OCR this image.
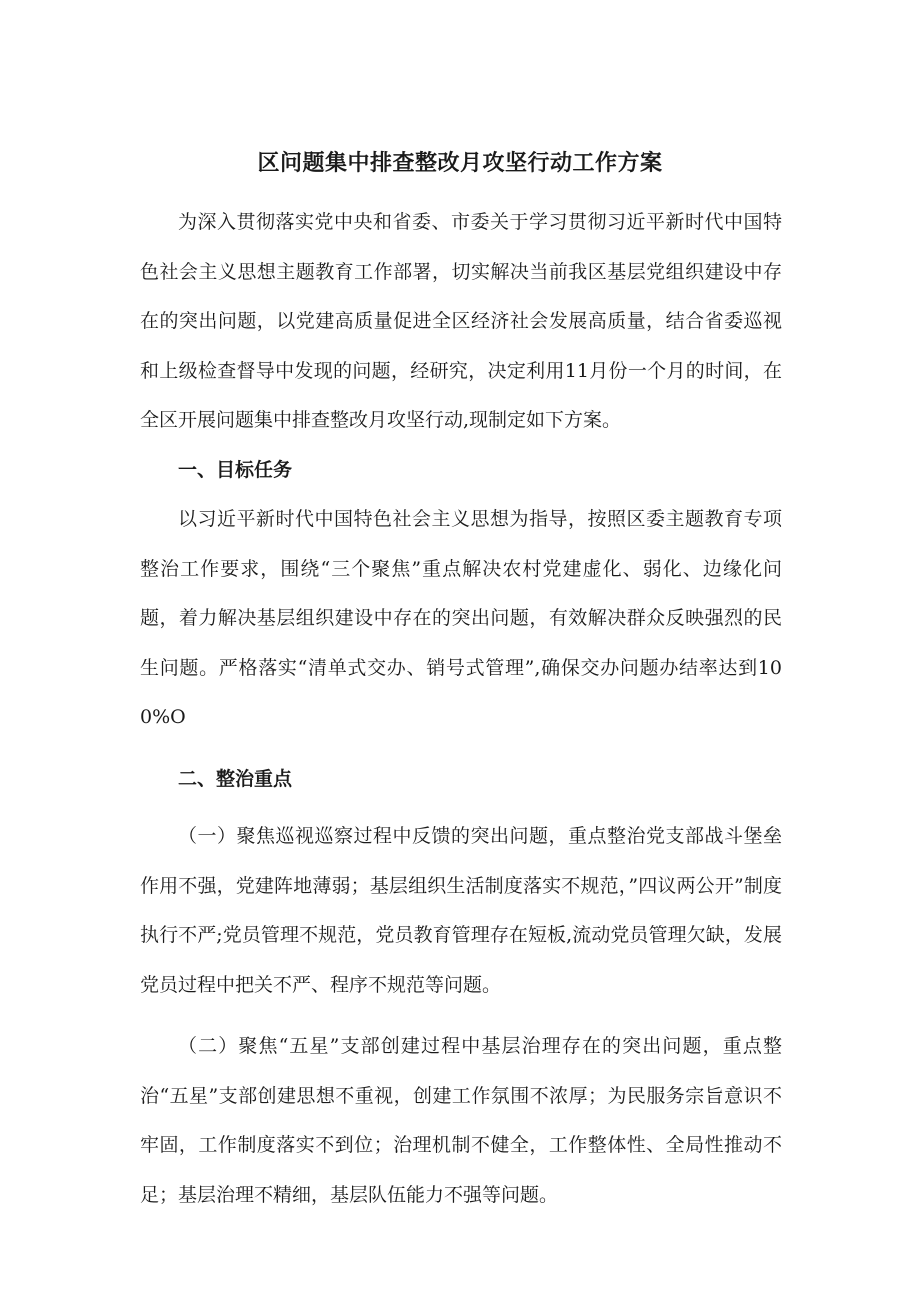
区问题集中排查整改月攻坚行动工作方案

为深入贯彻落实党中央和省委、市委关于学习贯彻习近平新时代中国特色社会主义思想主题教育工作部署，切实解决当前我区基层党组织建设中存在的突出问题，以党建高质量促进全区经济社会发展高质量，结合省委巡视和上级检查督导中发现的问题，经研究，决定利用11月份一个月的时间，在全区开展问题集中排查整改月攻坚行动,现制定如下方案。

一、目标任务

以习近平新时代中国特色社会主义思想为指导，按照区委主题教育专项整治工作要求，围绕“三个聚焦”重点解决农村党建虚化、弱化、边缘化问题，着力解决基层组织建设中存在的突出问题，有效解决群众反映强烈的民生问题。严格落实“清单式交办、销号式管理”,确保交办问题办结率达到100%O

二、整治重点

（一）聚焦巡视巡察过程中反馈的突出问题，重点整治党支部战斗堡垒作用不强，党建阵地薄弱；基层组织生活制度落实不规范，”四议两公开”制度执行不严;党员管理不规范，党员教育管理存在短板,流动党员管理欠缺，发展党员过程中把关不严、程序不规范等问题。

（二）聚焦“五星”支部创建过程中基层治理存在的突出问题，重点整治“五星”支部创建思想不重视，创建工作氛围不浓厚；为民服务宗旨意识不牢固，工作制度落实不到位；治理机制不健全，工作整体性、全局性推动不足；基层治理不精细，基层队伍能力不强等问题。
